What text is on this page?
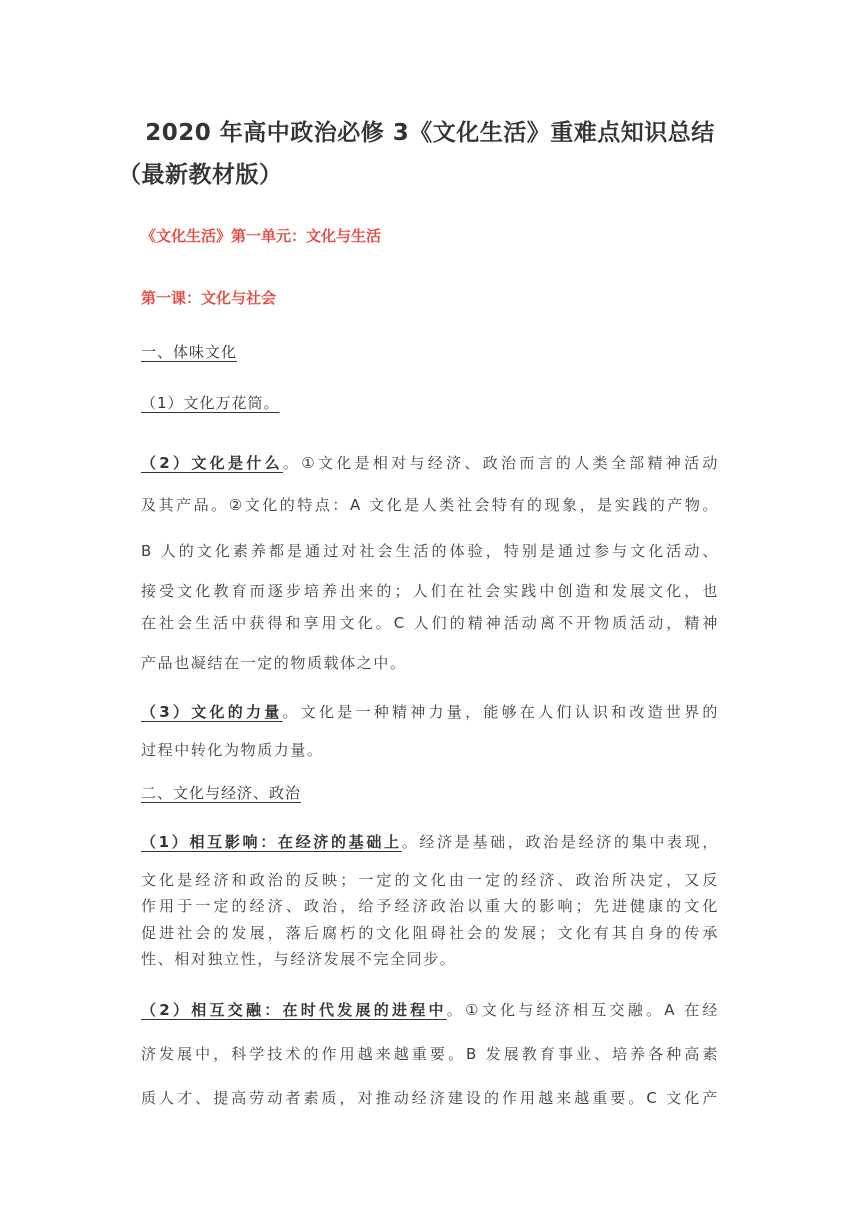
2020 年高中政治必修 3《文化生活》重难点知识总结
（最新教材版）
《文化生活》第一单元：文化与生活
第一课：文化与社会
一、体味文化
（1）文化万花筒。
（2）文化是什么。①文化是相对与经济、政治而言的人类全部精神活动
及其产品。②文化的特点：A 文化是人类社会特有的现象，是实践的产物。
B 人的文化素养都是通过对社会生活的体验，特别是通过参与文化活动、
接受文化教育而逐步培养出来的；人们在社会实践中创造和发展文化，也
在社会生活中获得和享用文化。C 人们的精神活动离不开物质活动，精神
产品也凝结在一定的物质载体之中。
（3）文化的力量。文化是一种精神力量，能够在人们认识和改造世界的
过程中转化为物质力量。
二、文化与经济、政治
（1）相互影响：在经济的基础上。经济是基础，政治是经济的集中表现，
文化是经济和政治的反映；一定的文化由一定的经济、政治所决定，又反
作用于一定的经济、政治，给予经济政治以重大的影响；先进健康的文化
促进社会的发展，落后腐朽的文化阻碍社会的发展；文化有其自身的传承
性、相对独立性，与经济发展不完全同步。
（2）相互交融：在时代发展的进程中。①文化与经济相互交融。A 在经
济发展中，科学技术的作用越来越重要。B 发展教育事业、培养各种高素
质人才、提高劳动者素质，对推动经济建设的作用越来越重要。C 文化产
